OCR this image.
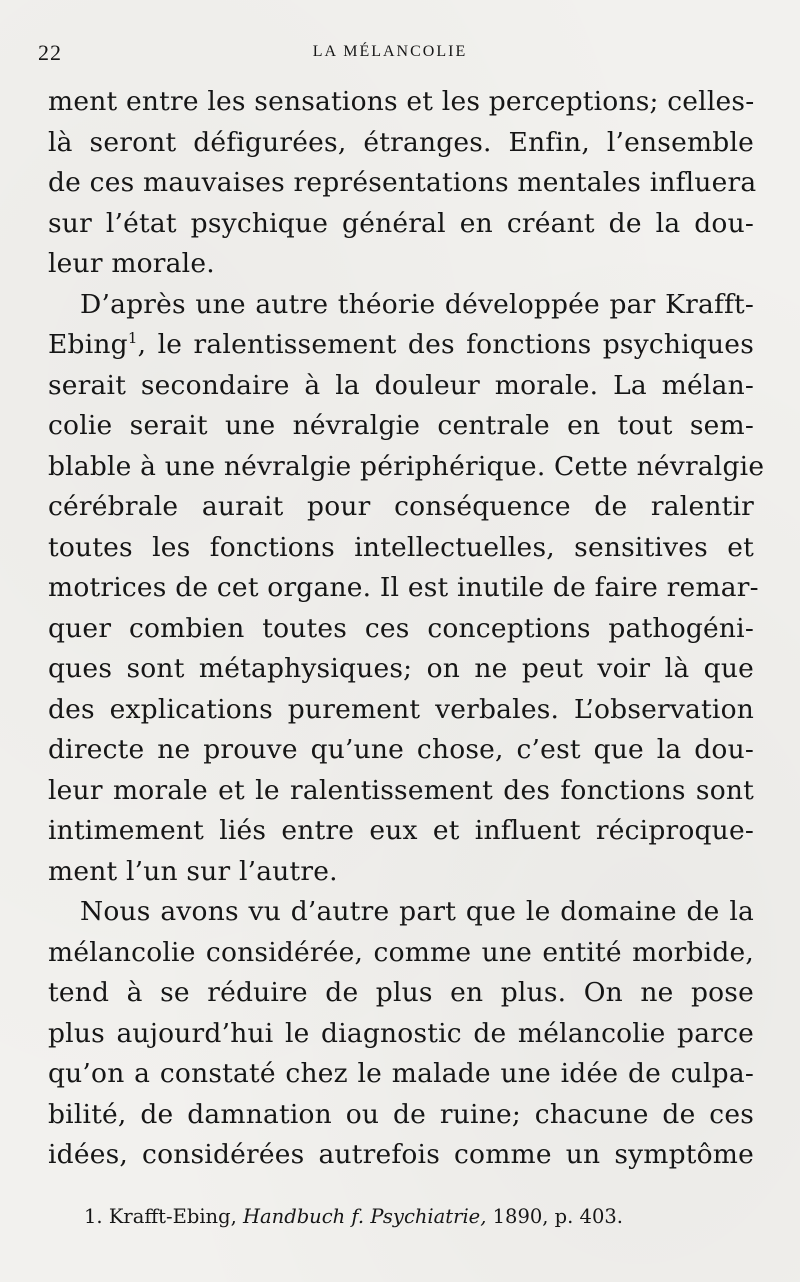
22	LA MÉLANCOLIE
ment entre les sensations et les perceptions; celles-
là seront défigurées, étranges. Enfin, l’ensemble
de ces mauvaises représentations mentales influera
sur l’état psychique général en créant de la dou-
leur morale.
D’après une autre théorie développée par Krafft-
Ebing$^1$, le ralentissement des fonctions psychiques
serait secondaire à la douleur morale. La mélan-
colie serait une névralgie centrale en tout sem-
blable à une névralgie périphérique. Cette névralgie
cérébrale aurait pour conséquence de ralentir
toutes les fonctions intellectuelles, sensitives et
motrices de cet organe. Il est inutile de faire remar-
quer combien toutes ces conceptions pathogéni-
ques sont métaphysiques; on ne peut voir là que
des explications purement verbales. L’observation
directe ne prouve qu’une chose, c’est que la dou-
leur morale et le ralentissement des fonctions sont
intimement liés entre eux et influent réciproque-
ment l’un sur l’autre.
Nous avons vu d’autre part que le domaine de la
mélancolie considérée, comme une entité morbide,
tend à se réduire de plus en plus. On ne pose
plus aujourd’hui le diagnostic de mélancolie parce
qu’on a constaté chez le malade une idée de culpa-
bilité, de damnation ou de ruine; chacune de ces
idées, considérées autrefois comme un symptôme
1. Krafft-Ebing, Handbuch f. Psychiatrie, 1890, p. 403.
